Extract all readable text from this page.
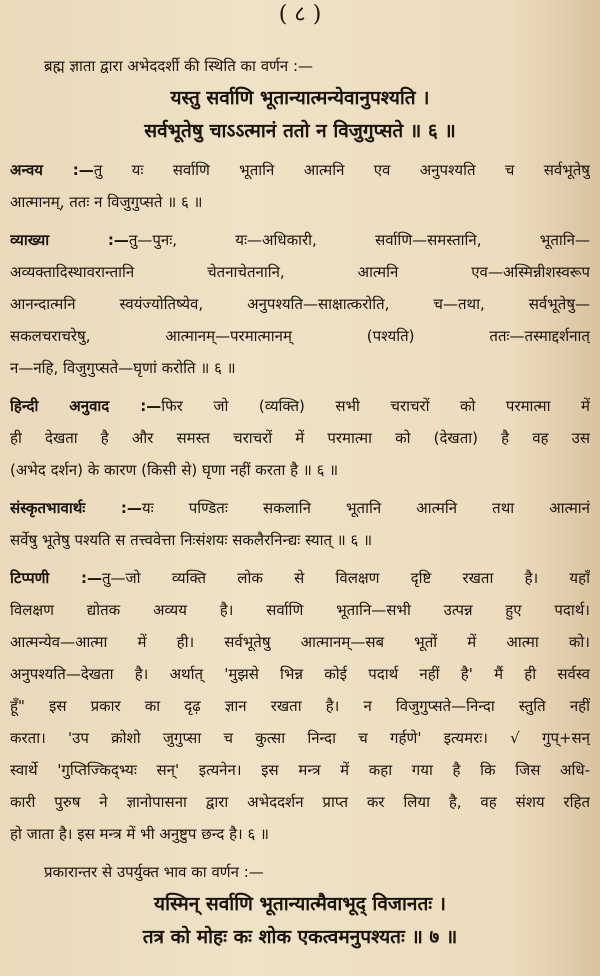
( ८ )
ब्रह्म ज्ञाता द्वारा अभेददर्शी की स्थिति का वर्णन :—
यस्तु सर्वाणि भूतान्यात्मन्येवानुपश्यति ।
सर्वभूतेषु चाऽऽत्मानं ततो न विजुगुप्सते ॥ ६ ॥
अन्वय :—तु यः सर्वाणि भूतानि आत्मनि एव अनुपश्यति च सर्वभूतेषु
आत्मानम्, ततः न विजुगुप्सते ॥ ६ ॥
व्याख्या :—तु—पुनः, यः—अधिकारी, सर्वाणि—समस्तानि, भूतानि—
अव्यक्तादिस्थावरान्तानि चेतनाचेतनानि, आत्मनि एव—अस्मिन्नीशस्वरूप
आनन्दात्मनि स्वयंज्योतिष्येव, अनुपश्यति—साक्षात्करोति, च—तथा, सर्वभूतेषु—
सकलचराचरेषु, आत्मानम्—परमात्मानम् (पश्यति) ततः—तस्माद्दर्शनात्
न—नहि, विजुगुप्सते—घृणां करोति ॥ ६ ॥
हिन्दी अनुवाद :—फिर जो (व्यक्ति) सभी चराचरों को परमात्मा में
ही देखता है और समस्त चराचरों में परमात्मा को (देखता) है वह उस
(अभेद दर्शन) के कारण (किसी से) घृणा नहीं करता है ॥ ६ ॥
संस्कृतभावार्थः :—यः पण्डितः सकलानि भूतानि आत्मनि तथा आत्मानं
सर्वेषु भूतेषु पश्यति स तत्त्ववेत्ता निःसंशयः सकलैरनिन्द्यः स्यात् ॥ ६ ॥
टिप्पणी :—तु—जो व्यक्ति लोक से विलक्षण दृष्टि रखता है। यहाँ
विलक्षण द्योतक अव्यय है। सर्वाणि भूतानि—सभी उत्पन्न हुए पदार्थ।
आत्मन्येव—आत्मा में ही। सर्वभूतेषु आत्मानम्—सब भूतों में आत्मा को।
अनुपश्यति—देखता है। अर्थात् 'मुझसे भिन्न कोई पदार्थ नहीं है' मैं ही सर्वस्व
हूँ" इस प्रकार का दृढ़ ज्ञान रखता है। न विजुगुप्सते—निन्दा स्तुति नहीं
करता। 'उप क्रोशो जुगुप्सा च कुत्सा निन्दा च गर्हणे' इत्यमरः। √ गुप्+सन्
स्वार्थे 'गुप्तिज्किद्भ्यः सन्' इत्यनेन। इस मन्त्र में कहा गया है कि जिस अधि-
कारी पुरुष ने ज्ञानोपासना द्वारा अभेददर्शन प्राप्त कर लिया है, वह संशय रहित
हो जाता है। इस मन्त्र में भी अनुष्टुप छन्द है। ६ ॥
प्रकारान्तर से उपर्युक्त भाव का वर्णन :—
यस्मिन् सर्वाणि भूतान्यात्मैवाभूद् विजानतः ।
तत्र को मोहः कः शोक एकत्वमनुपश्यतः ॥ ७ ॥
